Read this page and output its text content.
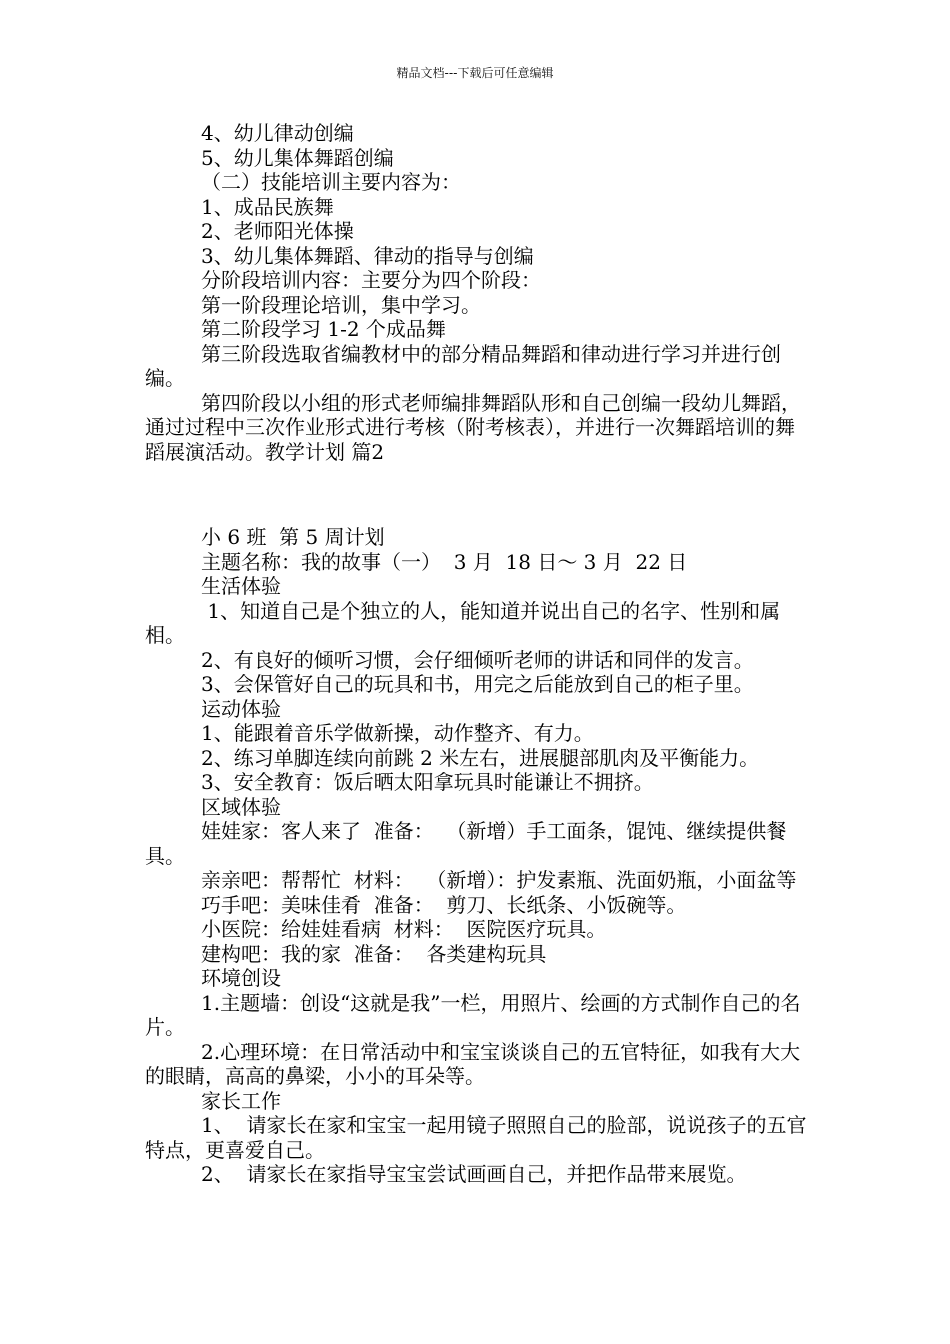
精品文档---下载后可任意编辑

4、幼儿律动创编

5、幼儿集体舞蹈创编

（二）技能培训主要内容为：

1、成品民族舞

2、老师阳光体操

3、幼儿集体舞蹈、律动的指导与创编

分阶段培训内容：主要分为四个阶段：

第一阶段理论培训，集中学习。

第二阶段学习 1-2 个成品舞

第三阶段选取省编教材中的部分精品舞蹈和律动进行学习并进行创编。

第四阶段以小组的形式老师编排舞蹈队形和自己创编一段幼儿舞蹈，通过过程中三次作业形式进行考核（附考核表），并进行一次舞蹈培训的舞蹈展演活动。教学计划 篇2

小 6 班  第 5 周计划

主题名称：我的故事（一）  3 月  18 日～ 3 月  22 日

生活体验

1、知道自己是个独立的人，能知道并说出自己的名字、性别和属相。

2、有良好的倾听习惯，会仔细倾听老师的讲话和同伴的发言。

3、会保管好自己的玩具和书，用完之后能放到自己的柜子里。

运动体验

1、能跟着音乐学做新操，动作整齐、有力。

2、练习单脚连续向前跳 2 米左右，进展腿部肌肉及平衡能力。

3、安全教育：饭后晒太阳拿玩具时能谦让不拥挤。

区域体验

娃娃家：客人来了  准备：  （新增）手工面条，馄饨、继续提供餐具。

亲亲吧：帮帮忙  材料：  （新增）：护发素瓶、洗面奶瓶，小面盆等

巧手吧：美味佳肴  准备：  剪刀、长纸条、小饭碗等。

小医院：给娃娃看病  材料：  医院医疗玩具。

建构吧：我的家  准备：  各类建构玩具

环境创设

1.主题墙：创设“这就是我”一栏，用照片、绘画的方式制作自己的名片。

2.心理环境：在日常活动中和宝宝谈谈自己的五官特征，如我有大大的眼睛，高高的鼻梁，小小的耳朵等。

家长工作

1、  请家长在家和宝宝一起用镜子照照自己的脸部，说说孩子的五官特点，更喜爱自己。

2、  请家长在家指导宝宝尝试画画自己，并把作品带来展览。
